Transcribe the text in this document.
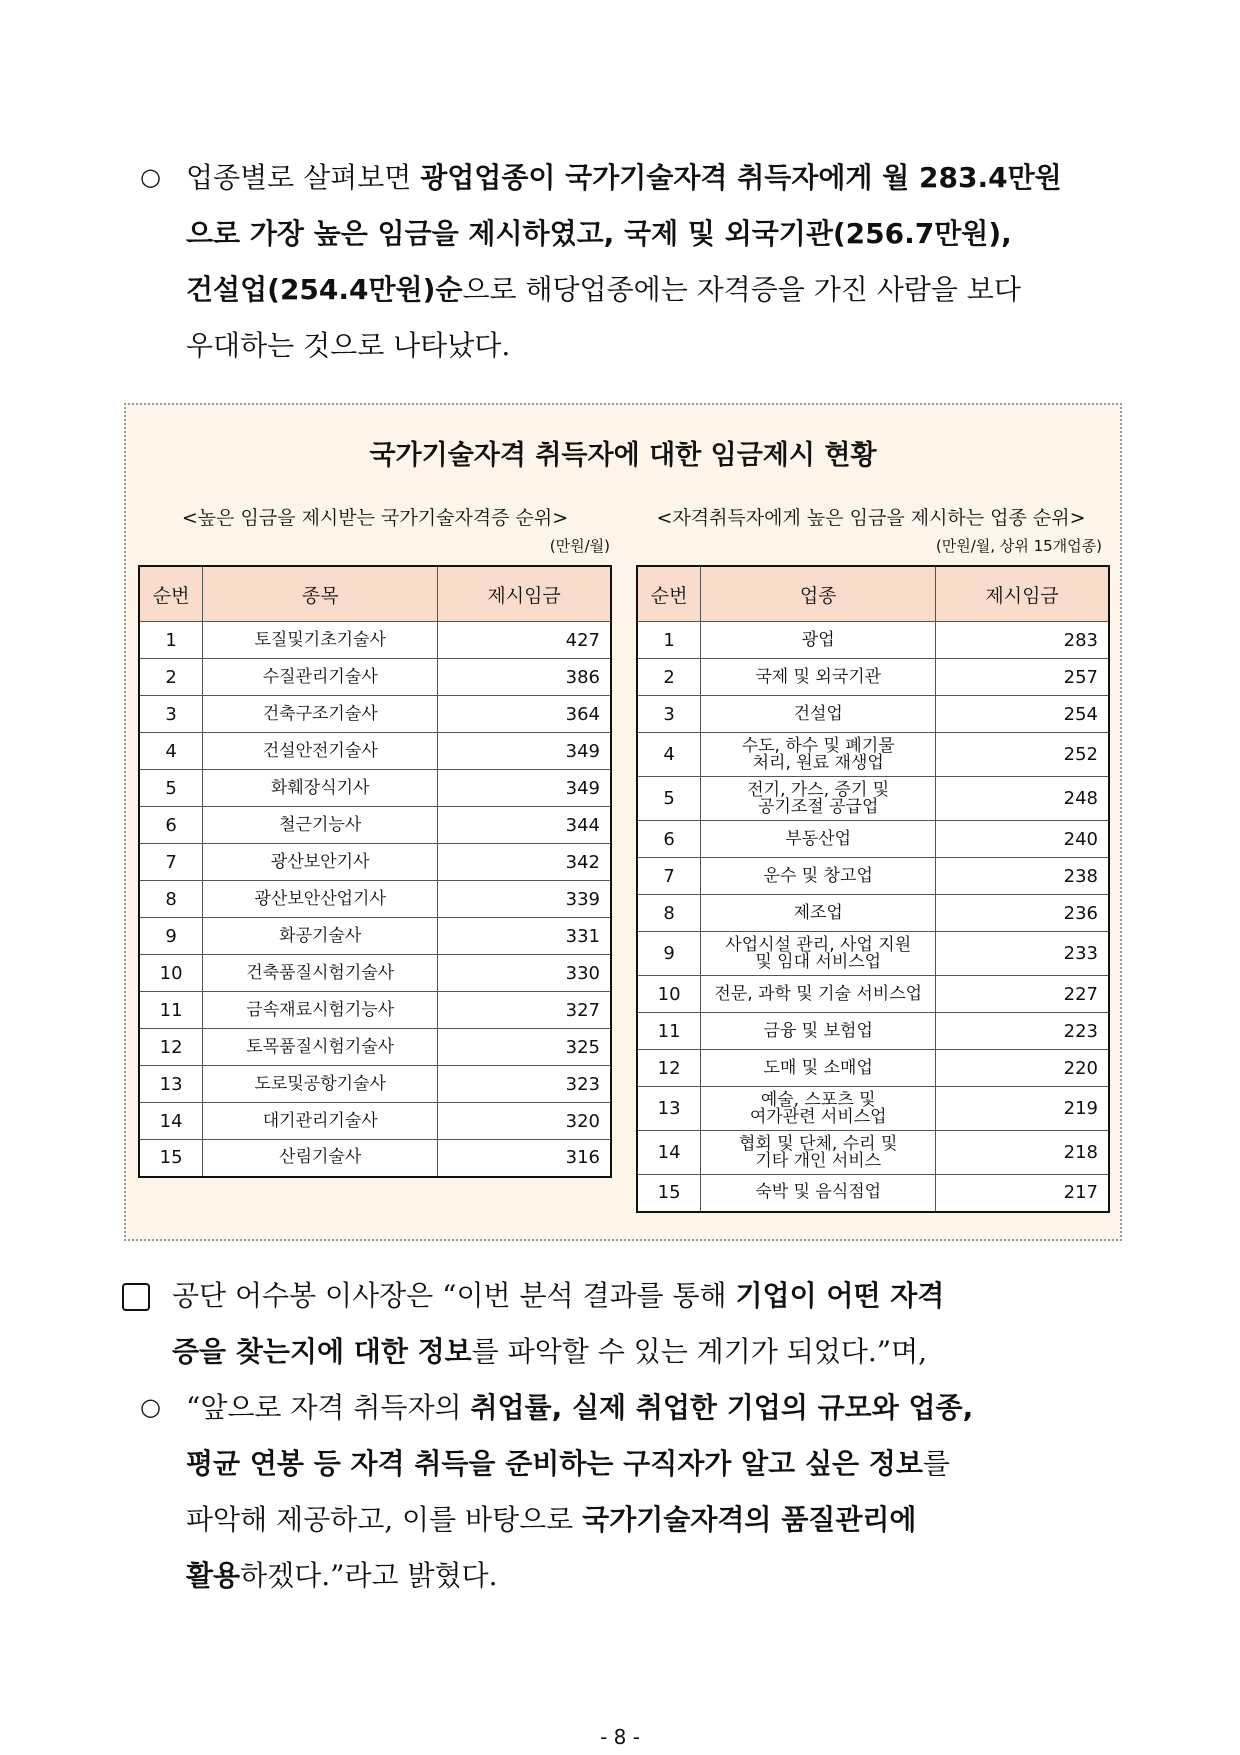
○ 업종별로 살펴보면 광업업종이 국가기술자격 취득자에게 월 283.4만원
으로 가장 높은 임금을 제시하였고, 국제 및 외국기관(256.7만원),
건설업(254.4만원)순으로 해당업종에는 자격증을 가진 사람을 보다
우대하는 것으로 나타났다.
국가기술자격 취득자에 대한 임금제시 현황
<높은 임금을 제시받는 국가기술자격증 순위>
(만원/월)
<자격취득자에게 높은 임금을 제시하는 업종 순위>
(만원/월, 상위 15개업종)
순번	종목	제시임금
1	토질및기초기술사	427
2	수질관리기술사	386
3	건축구조기술사	364
4	건설안전기술사	349
5	화훼장식기사	349
6	철근기능사	344
7	광산보안기사	342
8	광산보안산업기사	339
9	화공기술사	331
10	건축품질시험기술사	330
11	금속재료시험기능사	327
12	토목품질시험기술사	325
13	도로및공항기술사	323
14	대기관리기술사	320
15	산림기술사	316
순번	업종	제시임금
1	광업	283
2	국제 및 외국기관	257
3	건설업	254
4	수도, 하수 및 폐기물
처리, 원료 재생업	252
5	전기, 가스, 증기 및
공기조절 공급업	248
6	부동산업	240
7	운수 및 창고업	238
8	제조업	236
9	사업시설 관리, 사업 지원
및 임대 서비스업	233
10	전문, 과학 및 기술 서비스업	227
11	금융 및 보험업	223
12	도매 및 소매업	220
13	예술, 스포츠 및
여가관련 서비스업	219
14	협회 및 단체, 수리 및
기타 개인 서비스	218
15	숙박 및 음식점업	217
공단 어수봉 이사장은 “이번 분석 결과를 통해 기업이 어떤 자격
증을 찾는지에 대한 정보를 파악할 수 있는 계기가 되었다.”며,
○ “앞으로 자격 취득자의 취업률, 실제 취업한 기업의 규모와 업종,
평균 연봉 등 자격 취득을 준비하는 구직자가 알고 싶은 정보를
파악해 제공하고, 이를 바탕으로 국가기술자격의 품질관리에
활용하겠다.”라고 밝혔다.
- 8 -
